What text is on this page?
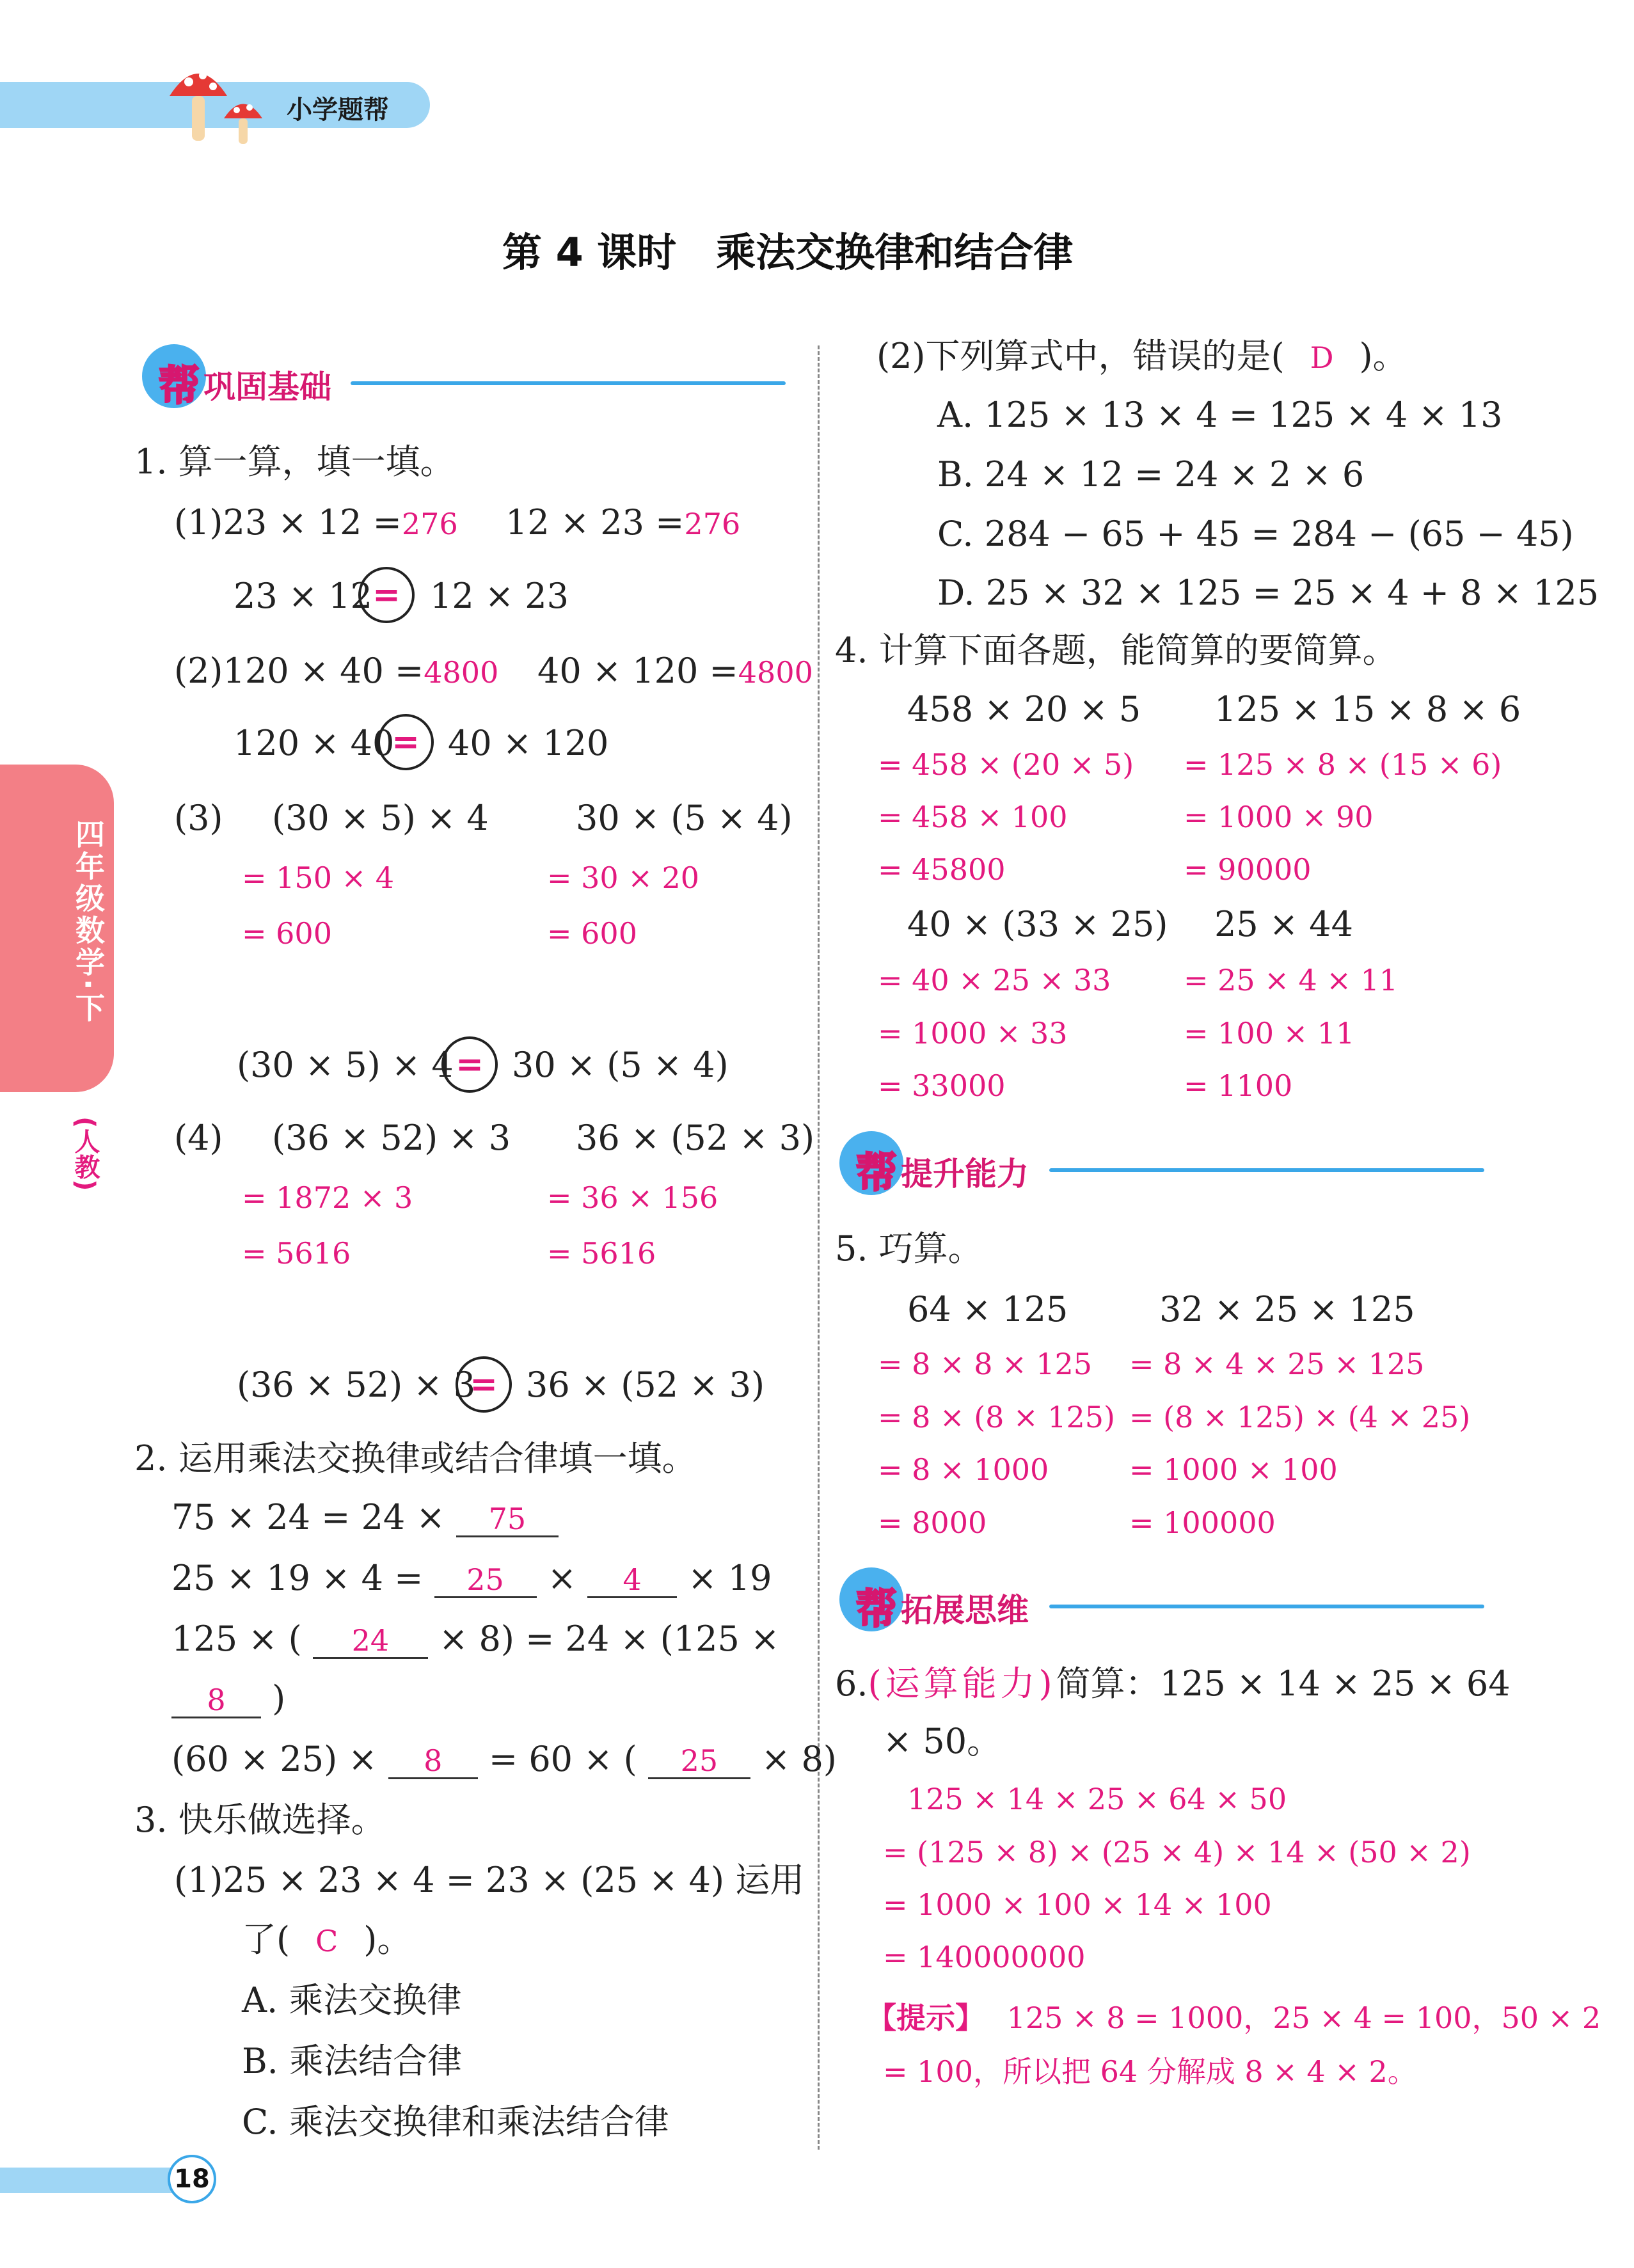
小学题帮
第 4 课时　乘法交换律和结合律
四年级数学·下
(人教)
帮 巩固基础
1. 算一算，填一填。
(1)23 × 12 =276 12 × 23 =276
23 × 12 = 12 × 23
(2)120 × 40 =4800 40 × 120 =4800
120 × 40
= 40 × 120
(3) (30 × 5) × 4	30 × (5 × 4)
= 150 × 4
= 600
= 30 × 20
= 600
(30 × 5) × 4 = 30 × (5 × 4)
(4) (36 × 52) × 3 36 × (52 × 3)
= 1872 × 3
= 5616
= 36 × 156
= 5616
(36 × 52) × 3
= 36 × (52 × 3)
2. 运用乘法交换律或结合律填一填。
75 × 24 = 24 × 75
25 × 19 × 4 = 25 × 4 × 19
125 × ( 24 × 8) = 24 × (125 ×
8 )
(60 × 25) × 8 = 60 × ( 25 × 8)
3. 快乐做选择。
(1)25 × 23 × 4 = 23 × (25 × 4) 运用
了( C )。
A. 乘法交换律
B. 乘法结合律
C. 乘法交换律和乘法结合律
(2)下列算式中，错误的是( D )。
A. 125 × 13 × 4 = 125 × 4 × 13
B. 24 × 12 = 24 × 2 × 6
C. 284 − 65 + 45 = 284 − (65 − 45)
D. 25 × 32 × 125 = 25 × 4 + 8 × 125
4. 计算下面各题，能简算的要简算。
458 × 20 × 5
= 458 × (20 × 5)
= 458 × 100
= 45800
125 × 15 × 8 × 6
= 125 × 8 × (15 × 6)
= 1000 × 90
= 90000
40 × (33 × 25)
= 40 × 25 × 33
= 1000 × 33
= 33000
25 × 44
= 25 × 4 × 11
= 100 × 11
= 1100
帮 提升能力
5. 巧算。
64 × 125
= 8 × 8 × 125
= 8 × (8 × 125)
= 8 × 1000
= 8000
32 × 25 × 125
= 8 × 4 × 25 × 125
= (8 × 125) × (4 × 25)
= 1000 × 100
= 100000
帮 拓展思维
6.(运算能力)简算：125 × 14 × 25 × 64
× 50。
125 × 14 × 25 × 64 × 50
= (125 × 8) × (25 × 4) × 14 × (50 × 2)
= 1000 × 100 × 14 × 100
= 140000000
【提示】 125 × 8 = 1000，25 × 4 = 100，50 × 2
= 100，所以把 64 分解成 8 × 4 × 2。
18
